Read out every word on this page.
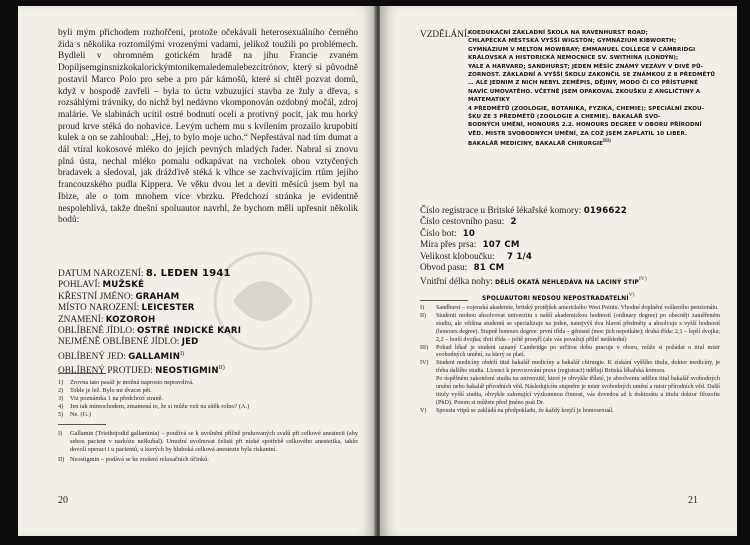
byli mým příchodem rozhořčeni, protože očekávali heterosexuálního černého žida s několika roztomilými vrozenými vadami, jelikož toužili po problémech. Bydleli v ohromném gotickém hradě na jihu Francie zvaném Dopiljsemginsnizkokalorickýmtonikemaledemalebezcitrónov, který si původně postavil Marco Polo pro sebe a pro pár kámošů, které si chtěl pozvat domů, když v hospodě zavřeli – byla to úctu vzbuzující stavba ze žuly a dřeva, s rozsáhlými trávníky, do nichž byl nedávno vkomponován ozdobný močál, zdroj malárie. Ve slabinách ucítil ostré bodnutí oceli a protivný pocit, jak mu horký proud krve stéká do nohavice. Levým uchem mu s kvílením prozailo krupobití kulek a on se zahloubal: „Hej, to bylo moje ucho.“ Nepřestával nad tím dumat a dál vtíral kokosové mléko do jejích pevných mladých řader. Nabral si znovu plná ústa, nechal mléko pomalu odkapávat na vrcholek obou vztyčených bradavek a sledoval, jak drážďivě stéká k vlhce se zachvívajícím rtům jejího francouzského pudla Kippera. Ve věku dvou let a devíti měsíců jsem byl na Ibize, ale o tom mnohem více vbrzku. Předchozí stránka je evidentně nespolehlivá, takže dnešní spoluautor navrhl, že bychom měli upřesnit několik bodů:

DATUM NAROZENÍ: 8. LEDEN 1941
POHLAVÍ: MUŽSKÉ
KŘESTNÍ JMÉNO: GRAHAM
MÍSTO NAROZENÍ: LEICESTER
ZNAMENÍ: KOZOROH
OBLÍBENÉ JÍDLO: OSTRÉ INDICKÉ KARI
NEJMÉNĚ OBLÍBENÉ JÍDLO: JED
OBLÍBENÝ JED: $GALLAMIN^{I)}$
OBLÍBENÝ PROTIJED: $NEOSTIGMIN^{II)}$
1)	Zrovna tato pasáž je možná naprosto nepravdivá.
2)	Toble je lež. Bylo mi dvacet pět.
3)	Viz poznámka 1 na předchozí straně.
4)	Jen tak mimochodem, zmamená to, že si můžu vzít na sítěk rolno? (A.)
5)	Ne. (G.)
I)	Gallamin (Triethojodid gallaminia) – používá se k uvolnění příčně pruhovaných svalů při celkové anestezii (aby sebou pacient v narkóze neškubal). Umožní uvolnovat čelisti při nízké spotřebě celkového anestetika, takže dovolí operaci i u pacientů, u kterých by hluboká celková anestezie byla riskantní.
II) Neostigmin – podává se ke zrušení relaxačních účinků.
20
VZDĚLÁNÍ:
KOEDUKAČNÍ ZÁKLADNÍ ŠKOLA NA RAVENHURST ROAD;
CHLAPECKÁ MĚSTSKÁ VYŠŠÍ WIGSTON; GYMNÁZIUM KIBWORTH;
GYMNÁZIUM V MELTON MOWBRAY; EMMANUEL COLLEGE V CAMBRIDGI
KRÁLOVSKÁ A HISTORICKÁ NEMOCNICE SV. SWITHINA (LONDÝN);
YALE A HARVARD; SANDHURST; JEDEN MĚSÍC ZNÁMÝ VEZÁVY V DIVÉ PŮ-
ZORNOST. ZÁKLADNÍ A VYŠŠÍ ŠKOLU ZAKONČIL SE ZNÁMKOU Z 8 PŘEDMĚTŮ
… ALE JEDNIM Z NICH NEBYL ZEMĚPIS, DĚJINY, MODO ČI CO PŘÍSTUPNÉ
NAVÍC UMOVATĚHO. VČETNĚ JSEM OPAKOVAL ZKOUŠKU Z ANGLIČTINY A MATEMATIKY
4 PŘEDMĚTŮ (ZOOLOGIE, BOTANIKA, FYZIKA, CHEMIE); SPECIÁLNÍ ZKOU-
ŠKU ZE 3 PŘEDMĚTŮ (ZOOLOGIE A CHEMIE). BAKALÁŘ SVO-
BODNÝCH UMĚNÍ, HONOURS 2.2. HONOURS DEGREE V OBORU PŘÍRODNÍ
VĚD. MISTR SVOBODNÝCH UMĚNÍ, ZA COŽ JSEM ZAPLATIL 10 LIBER.
BAKALÁŘ MEDICÍNY, BAKALÁŘ $CHIRURGIE^{III)}$
Číslo registrace u Britské lékařské komory: 0196622
Číslo cestovního pasu: 2
Číslo bot: 10
Míra přes prsa: 107 CM
Velikost kloboučku: 7 1/4
Obvod pasu: 81 CM
Vnitřní délka nohy: DĚLÍŠ OKATÁ NEHLEDÁVA NA LACINÝ $STIP^{IV)}$
SPOLUAUTORI NEDSOU $NEPOSTRADATELNÍ^{V)}$
I)	Sandhurst – vojenská akademie, britský protějšek amerického West Pointu. Vhodné doplnění veškerého penzionátu.
II)	Studenti mohou absolvovat univerzitu s našší akademickou hodností (ordinary degree) po obecněji zaměřeném studiu, ale většina studentů se specializuje na jeden, nanejvýš dva hlavní předměty a absolvuje s vyšší hodností (honours degree). Stupně honours degree: první třída – génisně (moc jich nepotkáte); druhá třída: 2,1 – lepší dvojka; 2,2 – horší dvojka; třetí třída – ještě prosyřl (ale vás považují přílič neúhlední)
III)	Pokud lékař je student uznaný Cambridge po určitou dobu pracuje v oboru, může si požádat o titul mistr svobodných umění, za který se platí.
IV)	Student medicíny obdrží titul bakalář medicíny a bakalář chirurgie. K získání vyššího titulu, doktor medicíny, je třeba dalšího studia. Licenci k provozování praxe (registraci) udělují Britská lékařská komora.
Po úspěšném zakončení studia na univerzitě, které je obvykle tříleté, je absolventu udělen titul bakalář svobodných umění nebo bakalář přírodních věd. Následujícím stupněm je mistr svobodných umění a mistr přírodních věd. Další tituly vyšší studia, obvykle zahrnující výzkumnou činnost, vás dovedou až k doktorátu a titulu doktor filozofie (PhD). Potom si můžete před jméno psát Dr.
V)	Spousta vtipů se zakládá na předpokladu, že každý krejčí je homosexuál.
21
